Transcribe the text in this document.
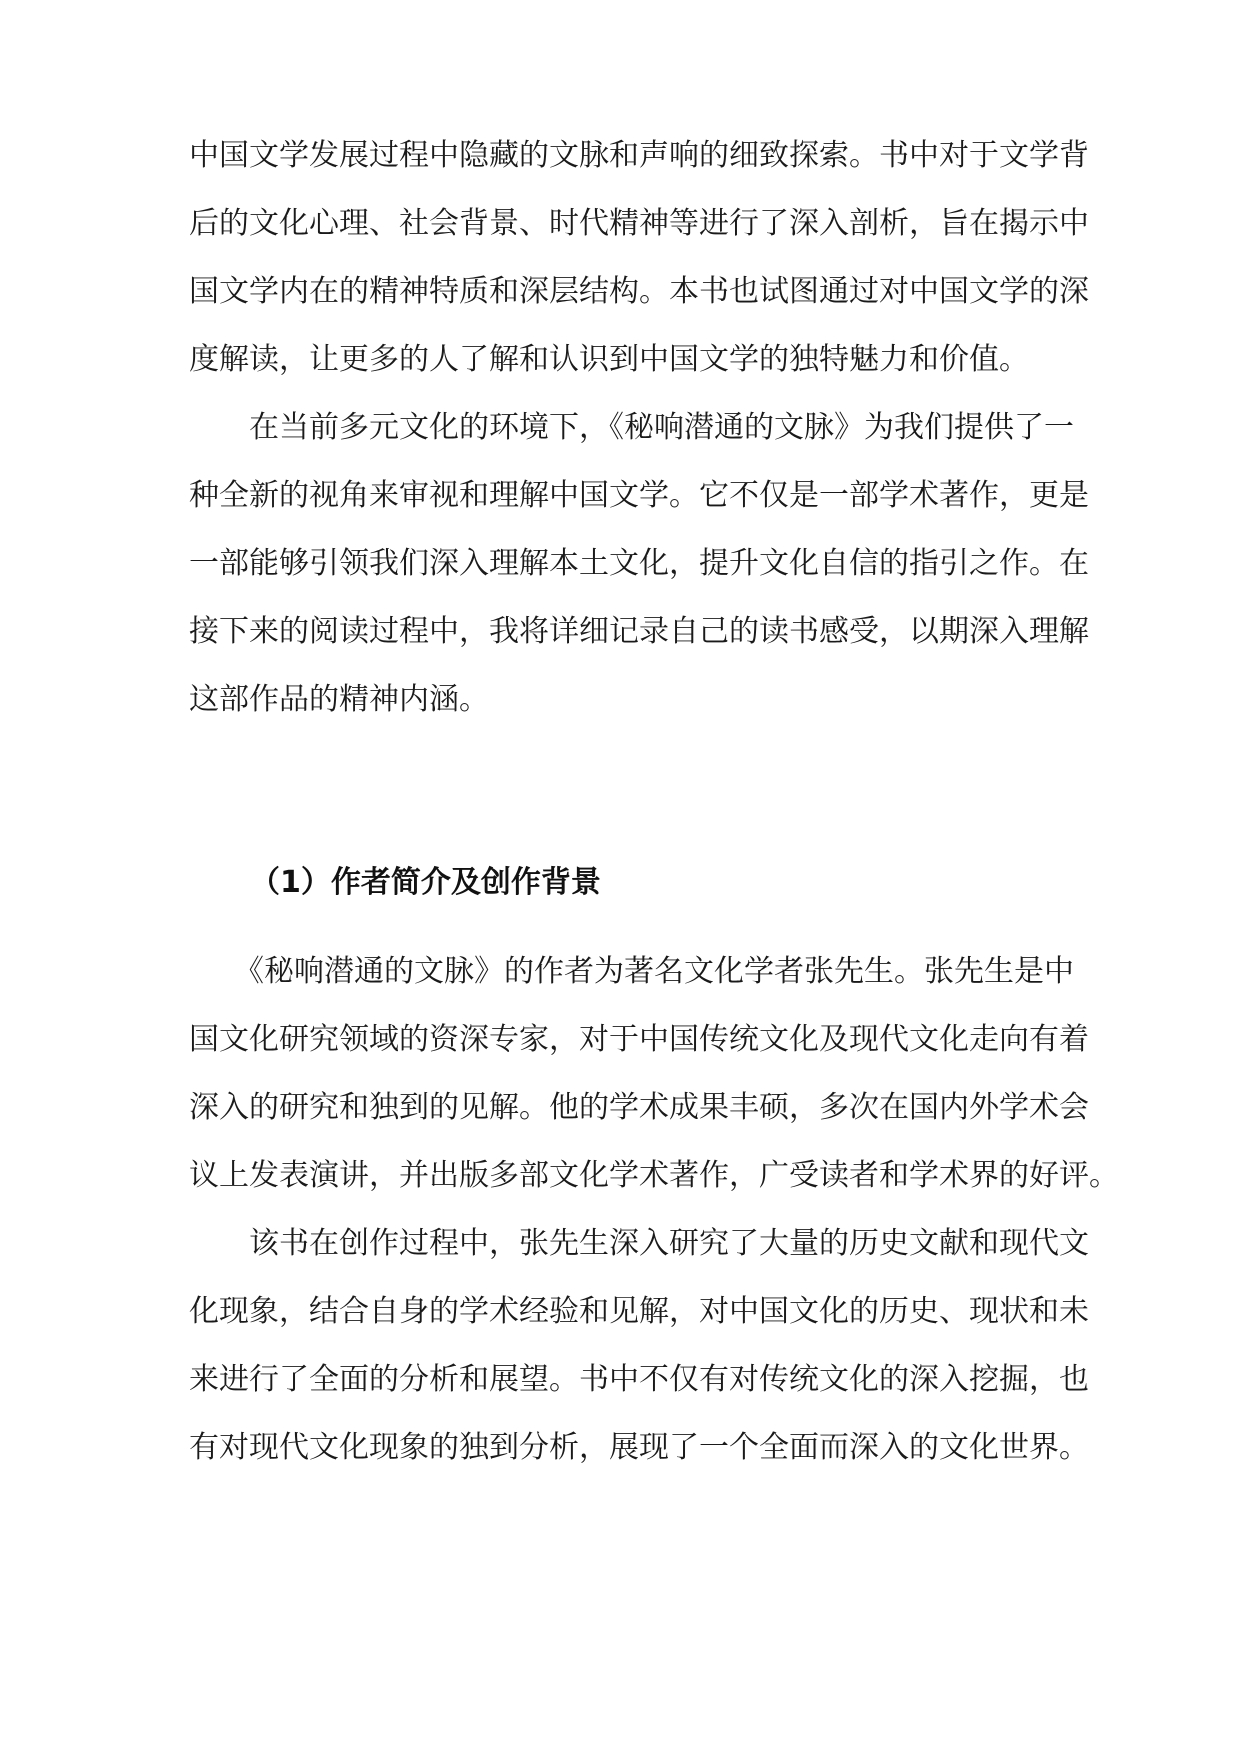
中国文学发展过程中隐藏的文脉和声响的细致探索。书中对于文学背
后的文化心理、社会背景、时代精神等进行了深入剖析，旨在揭示中
国文学内在的精神特质和深层结构。本书也试图通过对中国文学的深
度解读，让更多的人了解和认识到中国文学的独特魅力和价值。
　　在当前多元文化的环境下，《秘响潜通的文脉》为我们提供了一
种全新的视角来审视和理解中国文学。它不仅是一部学术著作，更是
一部能够引领我们深入理解本土文化，提升文化自信的指引之作。在
接下来的阅读过程中，我将详细记录自己的读书感受，以期深入理解
这部作品的精神内涵。
（1）作者简介及创作背景
　　《秘响潜通的文脉》的作者为著名文化学者张先生。张先生是中
国文化研究领域的资深专家，对于中国传统文化及现代文化走向有着
深入的研究和独到的见解。他的学术成果丰硕，多次在国内外学术会
议上发表演讲，并出版多部文化学术著作，广受读者和学术界的好评。
　　该书在创作过程中，张先生深入研究了大量的历史文献和现代文
化现象，结合自身的学术经验和见解，对中国文化的历史、现状和未
来进行了全面的分析和展望。书中不仅有对传统文化的深入挖掘，也
有对现代文化现象的独到分析，展现了一个全面而深入的文化世界。
